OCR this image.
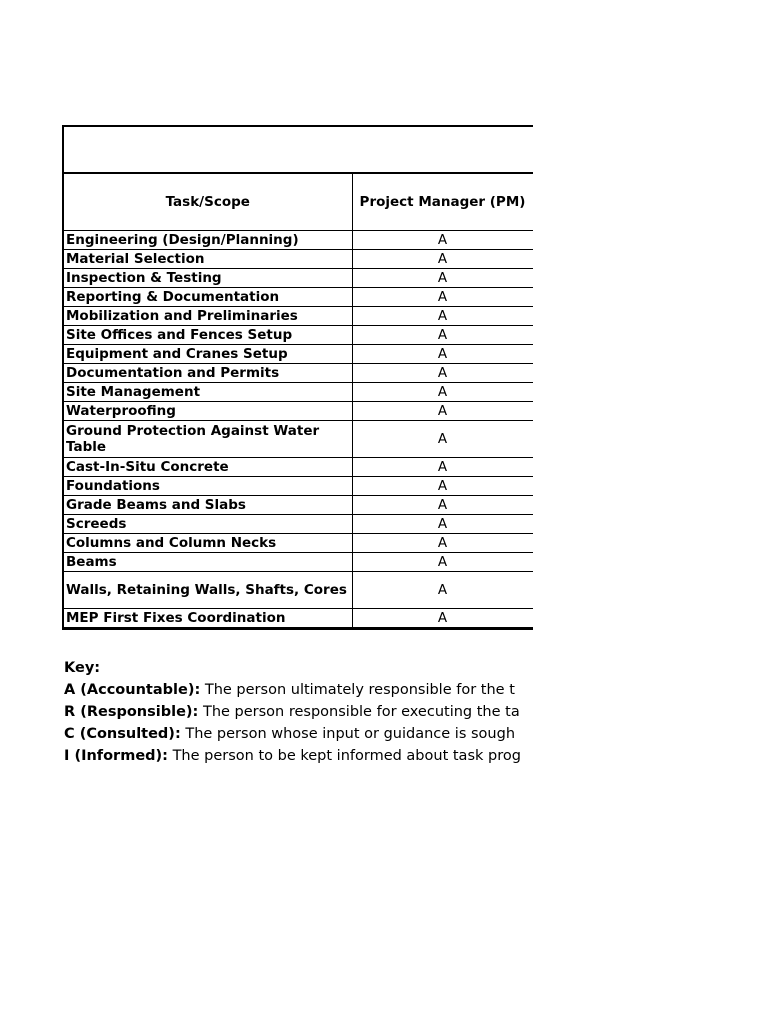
Task/Scope	Project Manager (PM)	
Engineering (Design/Planning)	A	
Material Selection	A	
Inspection & Testing	A	
Reporting & Documentation	A	
Mobilization and Preliminaries	A	
Site Offices and Fences Setup	A	
Equipment and Cranes Setup	A	
Documentation and Permits	A	
Site Management	A	
Waterproofing	A	
Ground Protection Against Water Table	A	
Cast-In-Situ Concrete	A	
Foundations	A	
Grade Beams and Slabs	A	
Screeds	A	
Columns and Column Necks	A	
Beams	A	
Walls, Retaining Walls, Shafts, Cores	A	
MEP First Fixes Coordination	A	
Key:
A (Accountable): The person ultimately responsible for the t
R (Responsible): The person responsible for executing the ta
C (Consulted): The person whose input or guidance is sough
I (Informed): The person to be kept informed about task prog
